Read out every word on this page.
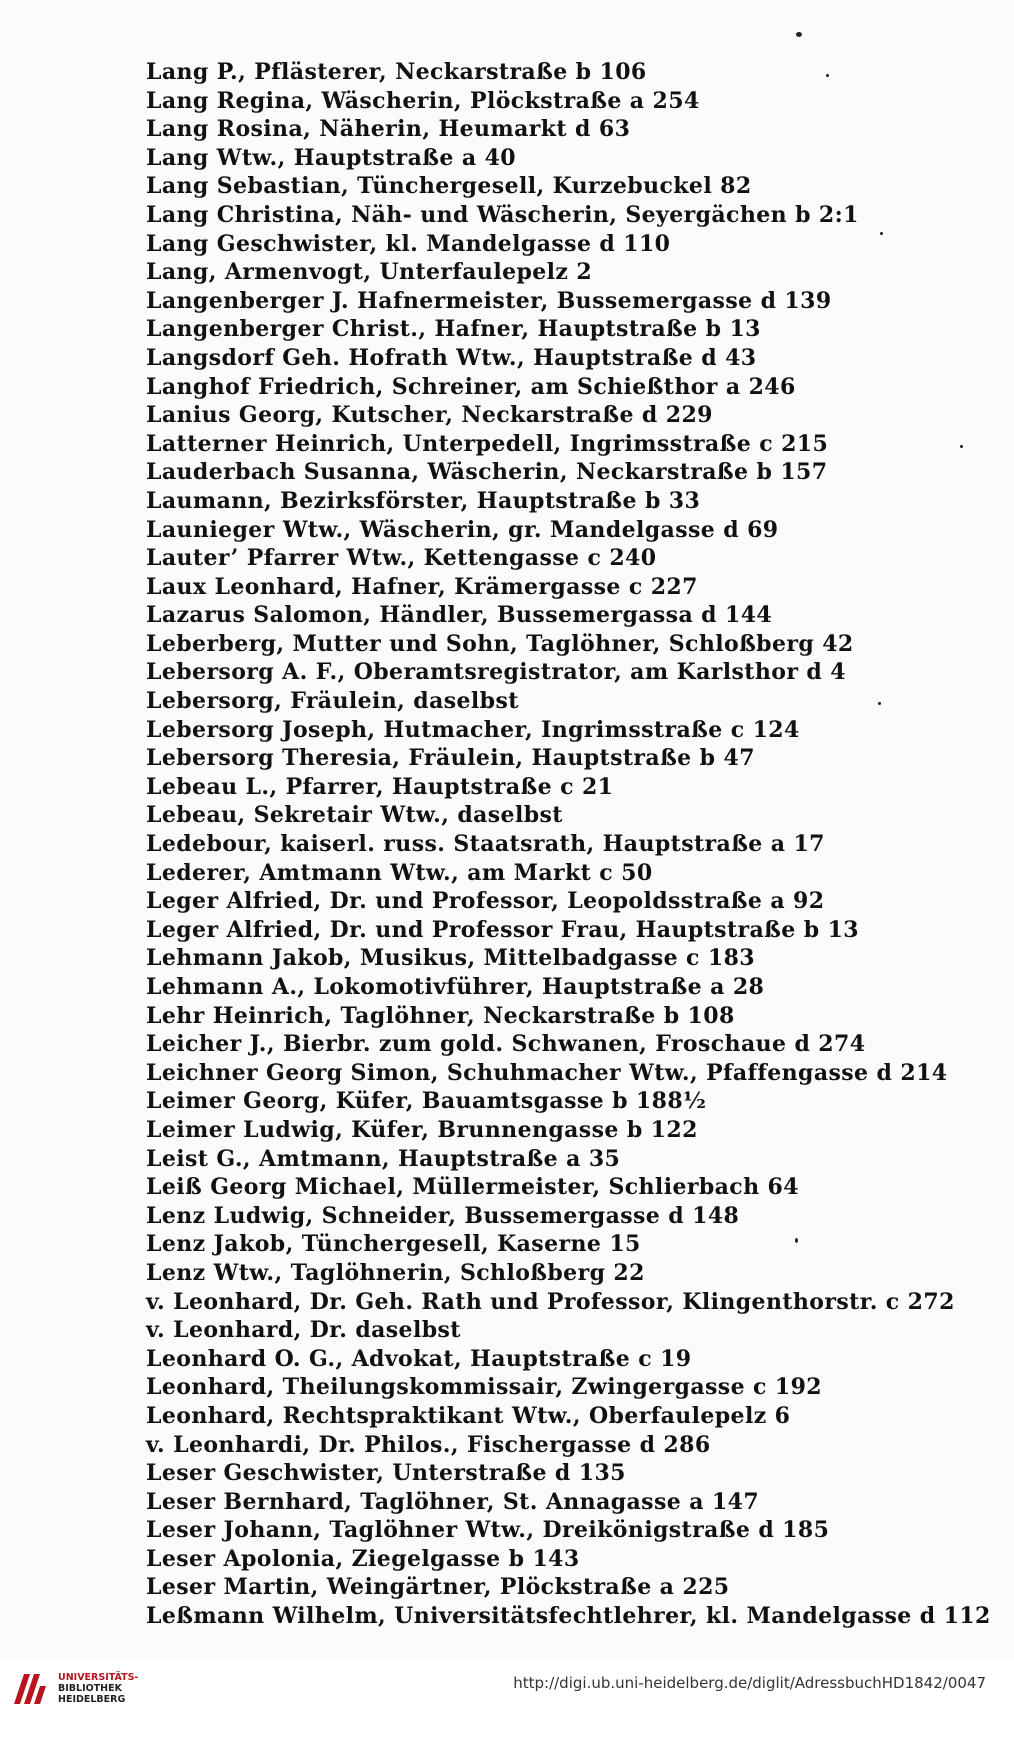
Lang P., Pflästerer, Neckarstraße b 106
Lang Regina, Wäscherin, Plöckstraße a 254
Lang Rosina, Näherin, Heumarkt d 63
Lang Wtw., Hauptstraße a 40
Lang Sebastian, Tünchergesell, Kurzebuckel 82
Lang Christina, Näh- und Wäscherin, Seyergächen b 2:1
Lang Geschwister, kl. Mandelgasse d 110
Lang, Armenvogt, Unterfaulepelz 2
Langenberger J. Hafnermeister, Bussemergasse d 139
Langenberger Christ., Hafner, Hauptstraße b 13
Langsdorf Geh. Hofrath Wtw., Hauptstraße d 43
Langhof Friedrich, Schreiner, am Schießthor a 246
Lanius Georg, Kutscher, Neckarstraße d 229
Latterner Heinrich, Unterpedell, Ingrimsstraße c 215
Lauderbach Susanna, Wäscherin, Neckarstraße b 157
Laumann, Bezirksförster, Hauptstraße b 33
Launieger Wtw., Wäscherin, gr. Mandelgasse d 69
Lauter’ Pfarrer Wtw., Kettengasse c 240
Laux Leonhard, Hafner, Krämergasse c 227
Lazarus Salomon, Händler, Bussemergassa d 144
Leberberg, Mutter und Sohn, Taglöhner, Schloßberg 42
Lebersorg A. F., Oberamtsregistrator, am Karlsthor d 4
Lebersorg, Fräulein, daselbst
Lebersorg Joseph, Hutmacher, Ingrimsstraße c 124
Lebersorg Theresia, Fräulein, Hauptstraße b 47
Lebeau L., Pfarrer, Hauptstraße c 21
Lebeau, Sekretair Wtw., daselbst
Ledebour, kaiserl. russ. Staatsrath, Hauptstraße a 17
Lederer, Amtmann Wtw., am Markt c 50
Leger Alfried, Dr. und Professor, Leopoldsstraße a 92
Leger Alfried, Dr. und Professor Frau, Hauptstraße b 13
Lehmann Jakob, Musikus, Mittelbadgasse c 183
Lehmann A., Lokomotivführer, Hauptstraße a 28
Lehr Heinrich, Taglöhner, Neckarstraße b 108
Leicher J., Bierbr. zum gold. Schwanen, Froschaue d 274
Leichner Georg Simon, Schuhmacher Wtw., Pfaffengasse d 214
Leimer Georg, Küfer, Bauamtsgasse b 188½
Leimer Ludwig, Küfer, Brunnengasse b 122
Leist G., Amtmann, Hauptstraße a 35
Leiß Georg Michael, Müllermeister, Schlierbach 64
Lenz Ludwig, Schneider, Bussemergasse d 148
Lenz Jakob, Tünchergesell, Kaserne 15
Lenz Wtw., Taglöhnerin, Schloßberg 22
v. Leonhard, Dr. Geh. Rath und Professor, Klingenthorstr. c 272
v. Leonhard, Dr. daselbst
Leonhard O. G., Advokat, Hauptstraße c 19
Leonhard, Theilungskommissair, Zwingergasse c 192
Leonhard, Rechtspraktikant Wtw., Oberfaulepelz 6
v. Leonhardi, Dr. Philos., Fischergasse d 286
Leser Geschwister, Unterstraße d 135
Leser Bernhard, Taglöhner, St. Annagasse a 147
Leser Johann, Taglöhner Wtw., Dreikönigstraße d 185
Leser Apolonia, Ziegelgasse b 143
Leser Martin, Weingärtner, Plöckstraße a 225
Leßmann Wilhelm, Universitätsfechtlehrer, kl. Mandelgasse d 112
UNIVERSITÄTS-
BIBLIOTHEK
HEIDELBERG
http://digi.ub.uni-heidelberg.de/diglit/AdressbuchHD1842/0047
